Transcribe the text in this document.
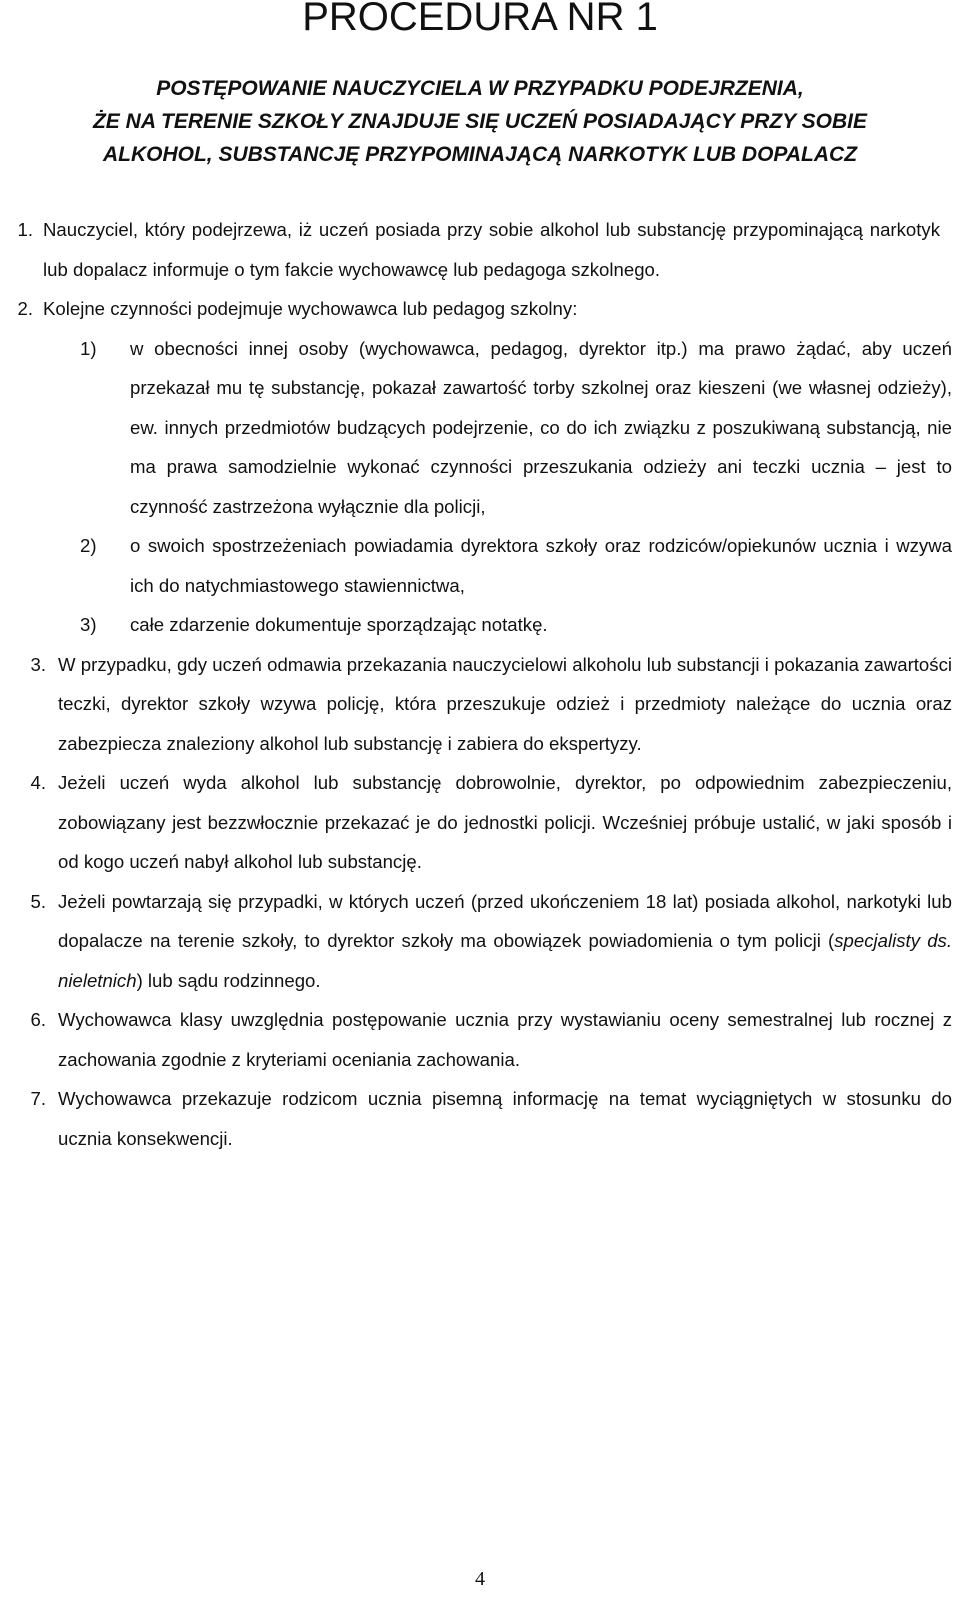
PROCEDURA NR 1
POSTĘPOWANIE NAUCZYCIELA W PRZYPADKU PODEJRZENIA,
ŻE NA TERENIE SZKOŁY ZNAJDUJE SIĘ UCZEŃ POSIADAJĄCY PRZY SOBIE
ALKOHOL, SUBSTANCJĘ PRZYPOMINAJĄCĄ NARKOTYK LUB DOPALACZ
1. Nauczyciel, który podejrzewa, iż uczeń posiada przy sobie alkohol lub substancję przypominającą narkotyk lub dopalacz informuje o tym fakcie wychowawcę lub pedagoga szkolnego.
2. Kolejne czynności podejmuje wychowawca lub pedagog szkolny:
1)	w obecności innej osoby (wychowawca, pedagog, dyrektor itp.) ma prawo żądać, aby uczeń przekazał mu tę substancję, pokazał zawartość torby szkolnej oraz kieszeni (we własnej odzieży), ew. innych przedmiotów budzących podejrzenie, co do ich związku z poszukiwaną substancją, nie ma prawa samodzielnie wykonać czynności przeszukania odzieży ani teczki ucznia – jest to czynność zastrzeżona wyłącznie dla policji,
2)	o swoich spostrzeżeniach powiadamia dyrektora szkoły oraz rodziców/opiekunów ucznia i wzywa ich do natychmiastowego stawiennictwa,
3)	całe zdarzenie dokumentuje sporządzając notatkę.
3. W przypadku, gdy uczeń odmawia przekazania nauczycielowi alkoholu lub substancji i pokazania zawartości teczki, dyrektor szkoły wzywa policję, która przeszukuje odzież i przedmioty należące do ucznia oraz zabezpiecza znaleziony alkohol lub substancję i zabiera do ekspertyzy.
4. Jeżeli uczeń wyda alkohol lub substancję dobrowolnie, dyrektor, po odpowiednim zabezpieczeniu, zobowiązany jest bezzwłocznie przekazać je do jednostki policji. Wcześniej próbuje ustalić, w jaki sposób i od kogo uczeń nabył alkohol lub substancję.
5. Jeżeli powtarzają się przypadki, w których uczeń (przed ukończeniem 18 lat) posiada alkohol, narkotyki lub dopalacze na terenie szkoły, to dyrektor szkoły ma obowiązek powiadomienia o tym policji (specjalisty ds. nieletnich) lub sądu rodzinnego.
6. Wychowawca klasy uwzględnia postępowanie ucznia przy wystawianiu oceny semestralnej lub rocznej z zachowania zgodnie z kryteriami oceniania zachowania.
7. Wychowawca przekazuje rodzicom ucznia pisemną informację na temat wyciągniętych w stosunku do ucznia konsekwencji.
4
